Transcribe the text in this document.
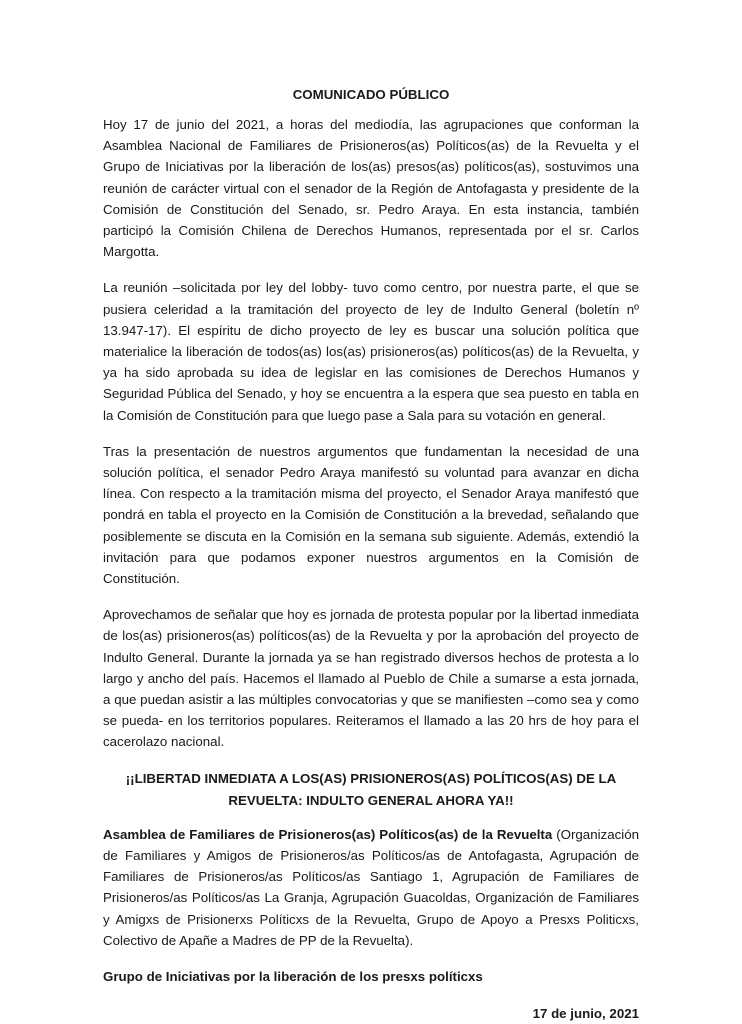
COMUNICADO PÚBLICO

Hoy 17 de junio del 2021, a horas del mediodía, las agrupaciones que conforman la Asamblea Nacional de Familiares de Prisioneros(as) Políticos(as) de la Revuelta y el Grupo de Iniciativas por la liberación de los(as) presos(as) políticos(as), sostuvimos una reunión de carácter virtual con el senador de la Región de Antofagasta y presidente de la Comisión de Constitución del Senado, sr. Pedro Araya. En esta instancia, también participó la Comisión Chilena de Derechos Humanos, representada por el sr. Carlos Margotta.

La reunión –solicitada por ley del lobby- tuvo como centro, por nuestra parte, el que se pusiera celeridad a la tramitación del proyecto de ley de Indulto General (boletín nº 13.947-17). El espíritu de dicho proyecto de ley es buscar una solución política que materialice la liberación de todos(as) los(as) prisioneros(as) políticos(as) de la Revuelta, y ya ha sido aprobada su idea de legislar en las comisiones de Derechos Humanos y Seguridad Pública del Senado, y hoy se encuentra a la espera que sea puesto en tabla en la Comisión de Constitución para que luego pase a Sala para su votación en general.

Tras la presentación de nuestros argumentos que fundamentan la necesidad de una solución política, el senador Pedro Araya manifestó su voluntad para avanzar en dicha línea. Con respecto a la tramitación misma del proyecto, el Senador Araya manifestó que pondrá en tabla el proyecto en la Comisión de Constitución a la brevedad, señalando que posiblemente se discuta en la Comisión en la semana sub siguiente. Además, extendió la invitación para que podamos exponer nuestros argumentos en la Comisión de Constitución.

Aprovechamos de señalar que hoy es jornada de protesta popular por la libertad inmediata de los(as) prisioneros(as) políticos(as) de la Revuelta y por la aprobación del proyecto de Indulto General. Durante la jornada ya se han registrado diversos hechos de protesta a lo largo y ancho del país. Hacemos el llamado al Pueblo de Chile a sumarse a esta jornada, a que puedan asistir a las múltiples convocatorias y que se manifiesten –como sea y como se pueda- en los territorios populares. Reiteramos el llamado a las 20 hrs de hoy para el cacerolazo nacional.

¡¡LIBERTAD INMEDIATA A LOS(AS) PRISIONEROS(AS) POLÍTICOS(AS) DE LA REVUELTA: INDULTO GENERAL AHORA YA!!

Asamblea de Familiares de Prisioneros(as) Políticos(as) de la Revuelta (Organización de Familiares y Amigos de Prisioneros/as Políticos/as de Antofagasta, Agrupación de Familiares de Prisioneros/as Políticos/as Santiago 1, Agrupación de Familiares de Prisioneros/as Políticos/as La Granja, Agrupación Guacoldas, Organización de Familiares y Amigxs de Prisionerxs Políticxs de la Revuelta, Grupo de Apoyo a Presxs Politicxs, Colectivo de Apañe a Madres de PP de la Revuelta).

Grupo de Iniciativas por la liberación de los presxs políticxs

17 de junio, 2021
